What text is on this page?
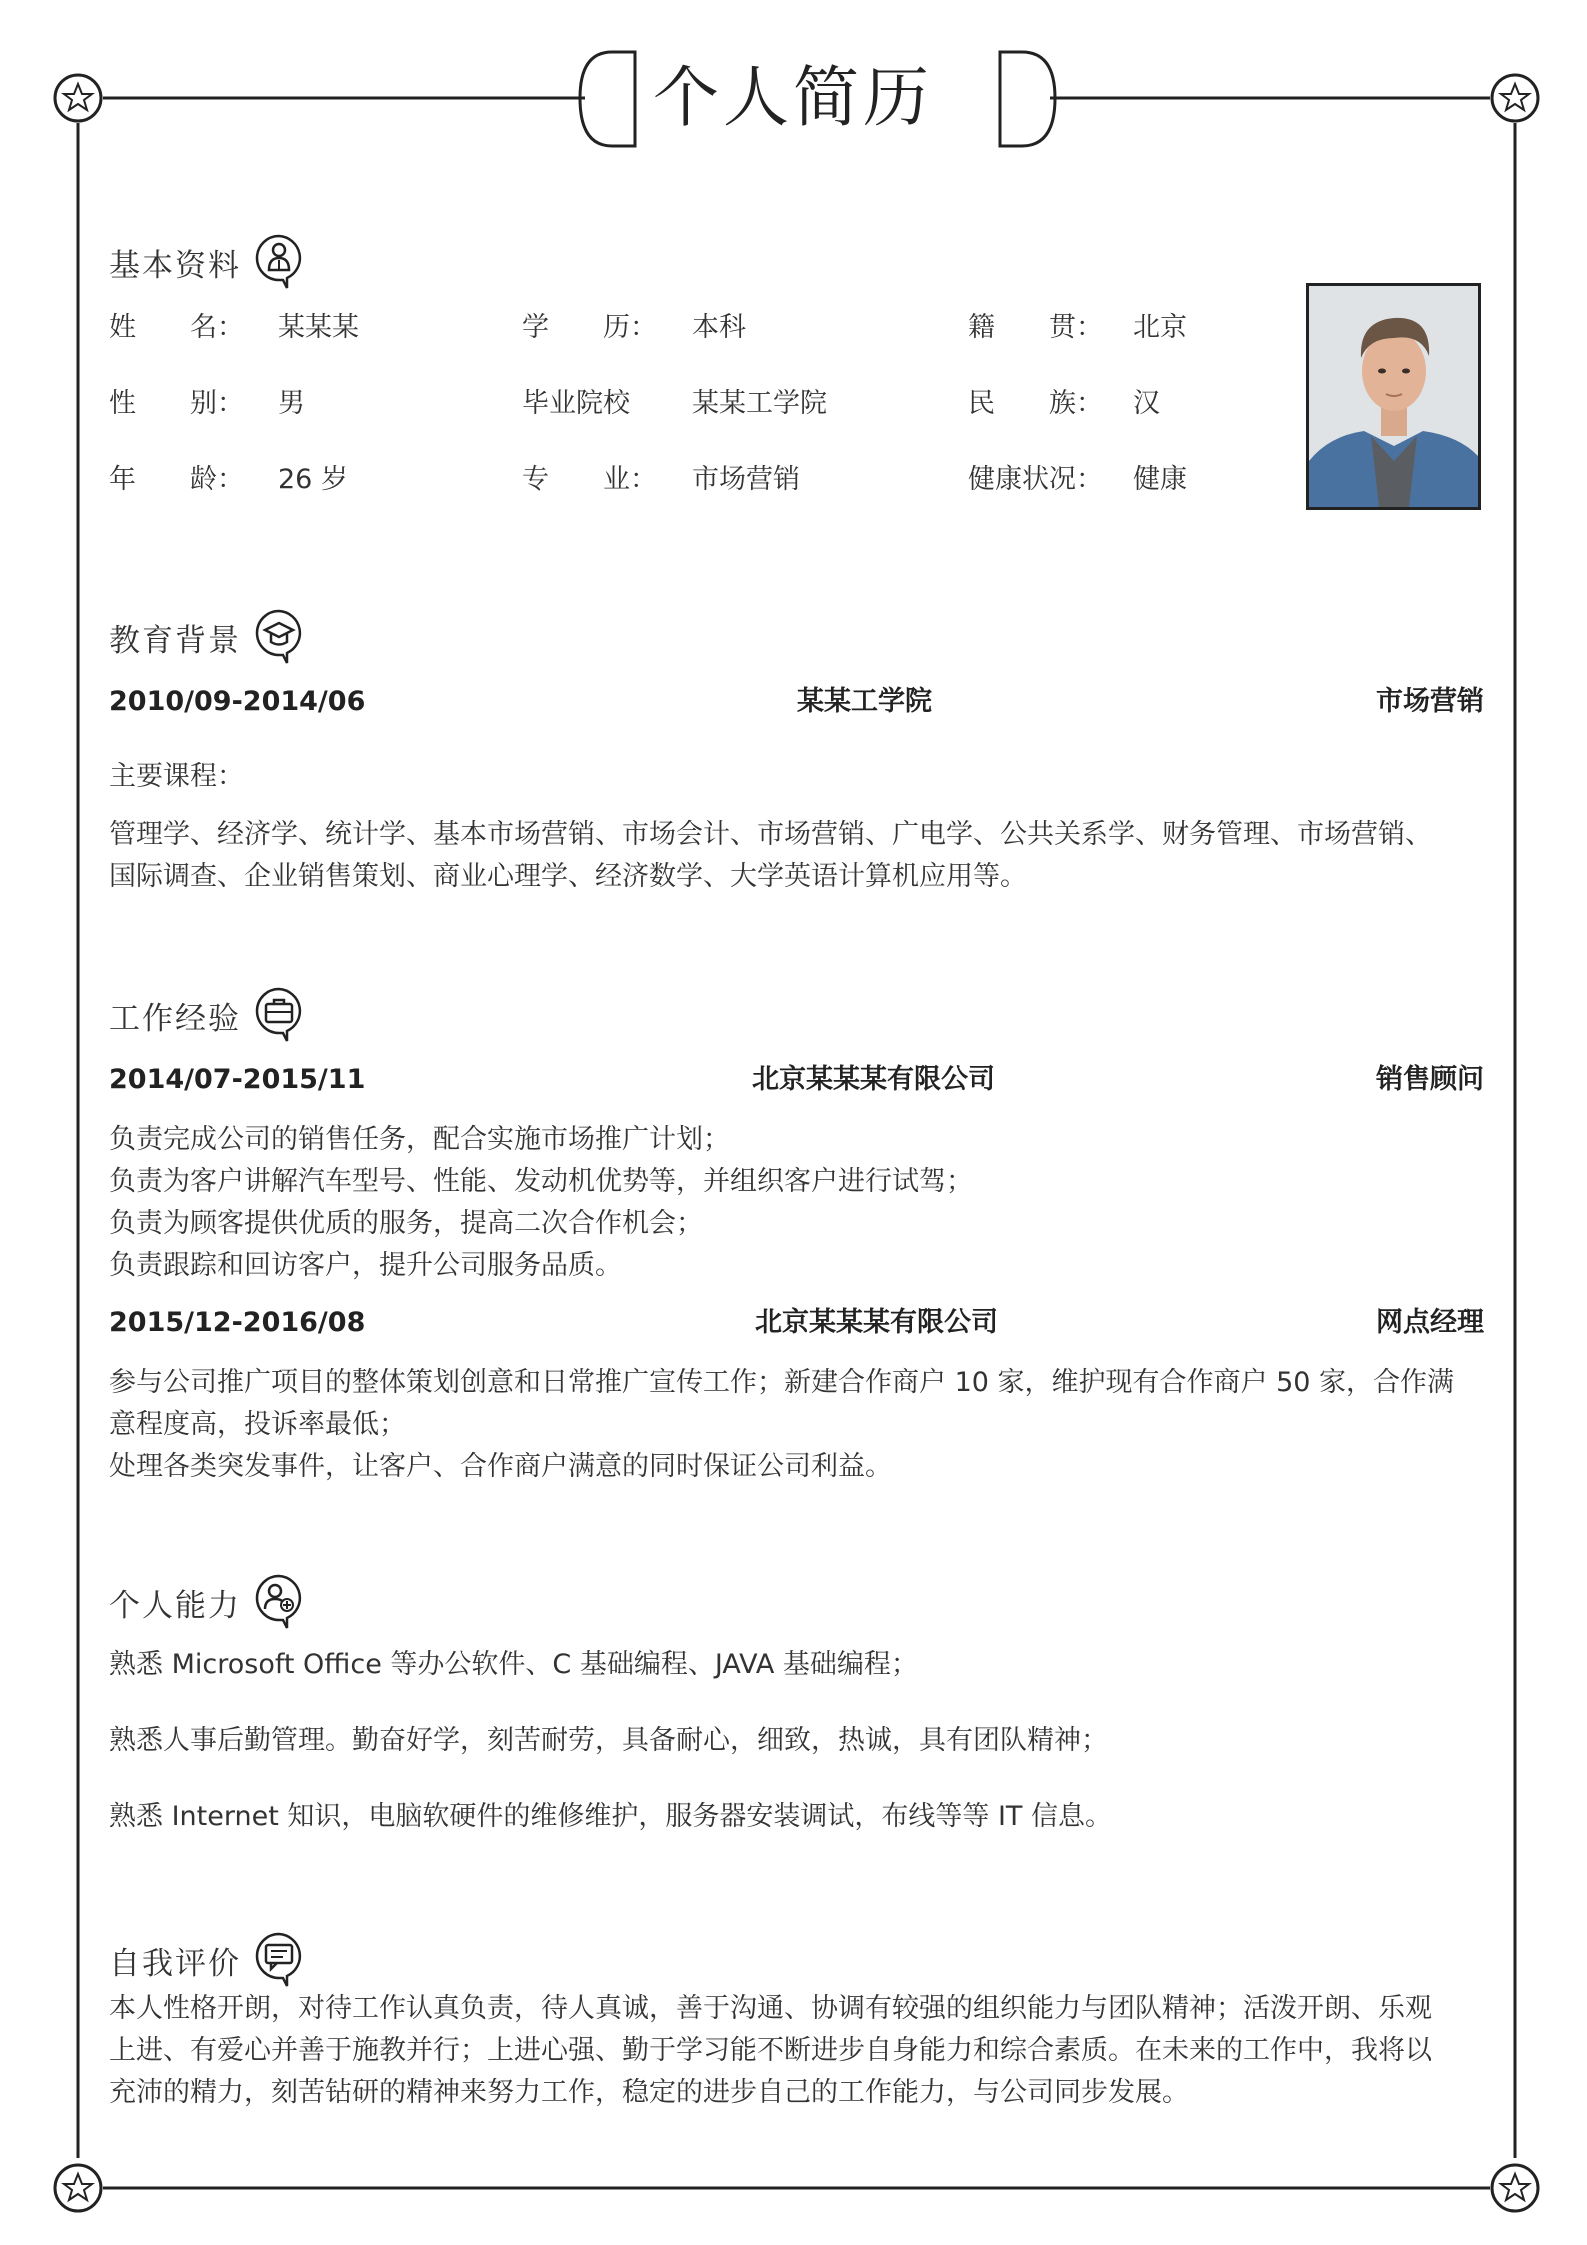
个人简历
基本资料
姓　　名： 某某某	学　　历： 本科	籍　　贯： 北京
性　　别： 男	毕业院校 某某工学院	民　　族： 汉
年　　龄： 26 岁	专　　业： 市场营销	健康状况： 健康
教育背景
2010/09-2014/06	某某工学院	市场营销
主要课程：
管理学、经济学、统计学、基本市场营销、市场会计、市场营销、广电学、公共关系学、财务管理、市场营销、
国际调查、企业销售策划、商业心理学、经济数学、大学英语计算机应用等。
工作经验
2014/07-2015/11	北京某某某有限公司	销售顾问
负责完成公司的销售任务，配合实施市场推广计划；
负责为客户讲解汽车型号、性能、发动机优势等，并组织客户进行试驾；
负责为顾客提供优质的服务，提高二次合作机会；
负责跟踪和回访客户，提升公司服务品质。
2015/12-2016/08	北京某某某有限公司	网点经理
参与公司推广项目的整体策划创意和日常推广宣传工作；新建合作商户 10 家，维护现有合作商户 50 家，合作满
意程度高，投诉率最低；
处理各类突发事件，让客户、合作商户满意的同时保证公司利益。
个人能力
熟悉 Microsoft Office 等办公软件、C 基础编程、JAVA 基础编程；
熟悉人事后勤管理。勤奋好学，刻苦耐劳，具备耐心，细致，热诚，具有团队精神；
熟悉 Internet 知识，电脑软硬件的维修维护，服务器安装调试，布线等等 IT 信息。
自我评价
本人性格开朗，对待工作认真负责，待人真诚，善于沟通、协调有较强的组织能力与团队精神；活泼开朗、乐观
上进、有爱心并善于施教并行；上进心强、勤于学习能不断进步自身能力和综合素质。在未来的工作中，我将以
充沛的精力，刻苦钻研的精神来努力工作，稳定的进步自己的工作能力，与公司同步发展。
